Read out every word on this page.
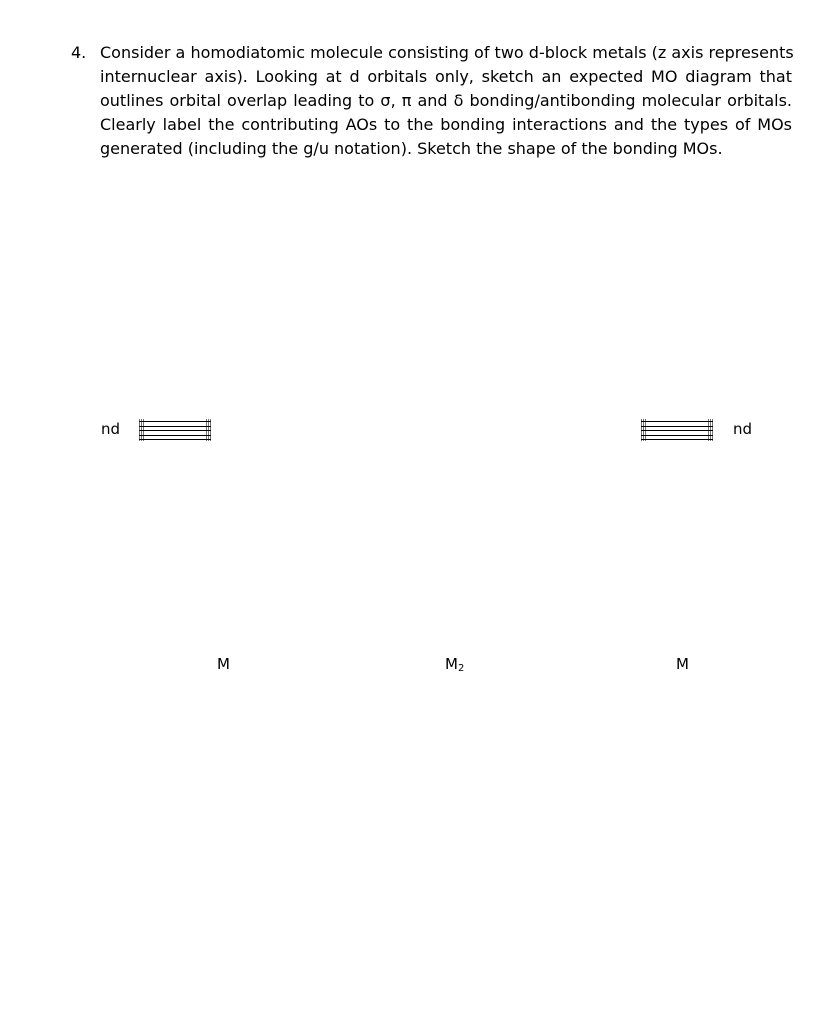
4. Consider a homodiatomic molecule consisting of two d-block metals (z axis represents
internuclear axis). Looking at d orbitals only, sketch an expected MO diagram that
outlines orbital overlap leading to σ, π and δ bonding/antibonding molecular orbitals.
Clearly label the contributing AOs to the bonding interactions and the types of MOs
generated (including the g/u notation). Sketch the shape of the bonding MOs.
nd	nd
M	$M_2$	M
